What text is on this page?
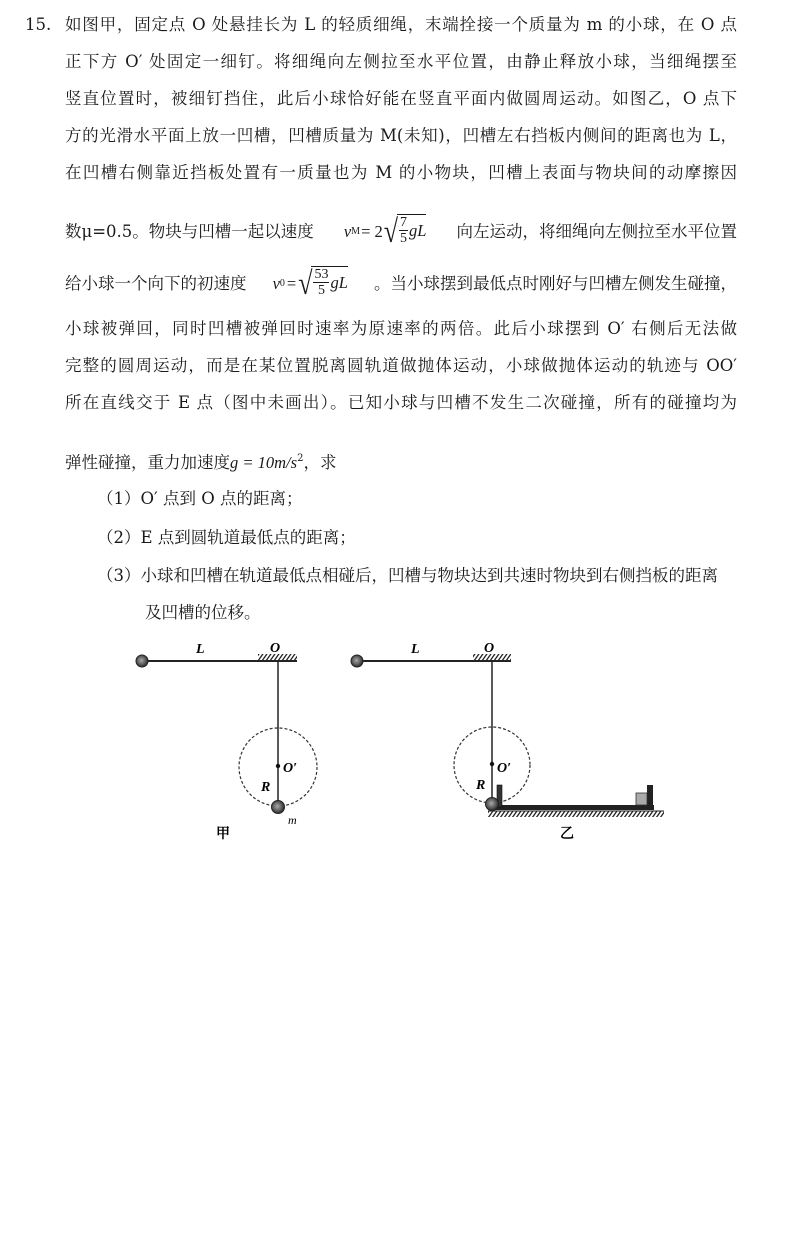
15. 如图甲，固定点 O 处悬挂长为 L 的轻质细绳，末端拴接一个质量为 m 的小球，在 O 点
正下方 O′ 处固定一细钉。将细绳向左侧拉至水平位置，由静止释放小球，当细绳摆至
竖直位置时，被细钉挡住，此后小球恰好能在竖直平面内做圆周运动。如图乙，O 点下
方的光滑水平面上放一凹槽，凹槽质量为 M(未知)，凹槽左右挡板内侧间的距离也为 L，
在凹槽右侧靠近挡板处置有一质量也为 M 的小物块，凹槽上表面与物块间的动摩擦因
数μ=0.5。物块与凹槽一起以速度 v M = 2 √ $\frac{7}{5}$ gL 向左运动，将细绳向左侧拉至水平位置
给小球一个向下的初速度 v 0 = √ $\frac{53}{5}$ gL 。当小球摆到最低点时刚好与凹槽左侧发生碰撞，
小球被弹回，同时凹槽被弹回时速率为原速率的两倍。此后小球摆到 O′ 右侧后无法做
完整的圆周运动，而是在某位置脱离圆轨道做抛体运动，小球做抛体运动的轨迹与 OO′
所在直线交于 E 点（图中未画出）。已知小球与凹槽不发生二次碰撞，所有的碰撞均为
弹性碰撞，重力加速度$g = 10m/s^2$，求
（1）O′ 点到 O 点的距离；
（2）E 点到圆轨道最低点的距离；
（3）小球和凹槽在轨道最低点相碰后，凹槽与物块达到共速时物块到右侧挡板的距离
及凹槽的位移。
L	O
O′
R
m
甲
L	O
O′
R
乙
